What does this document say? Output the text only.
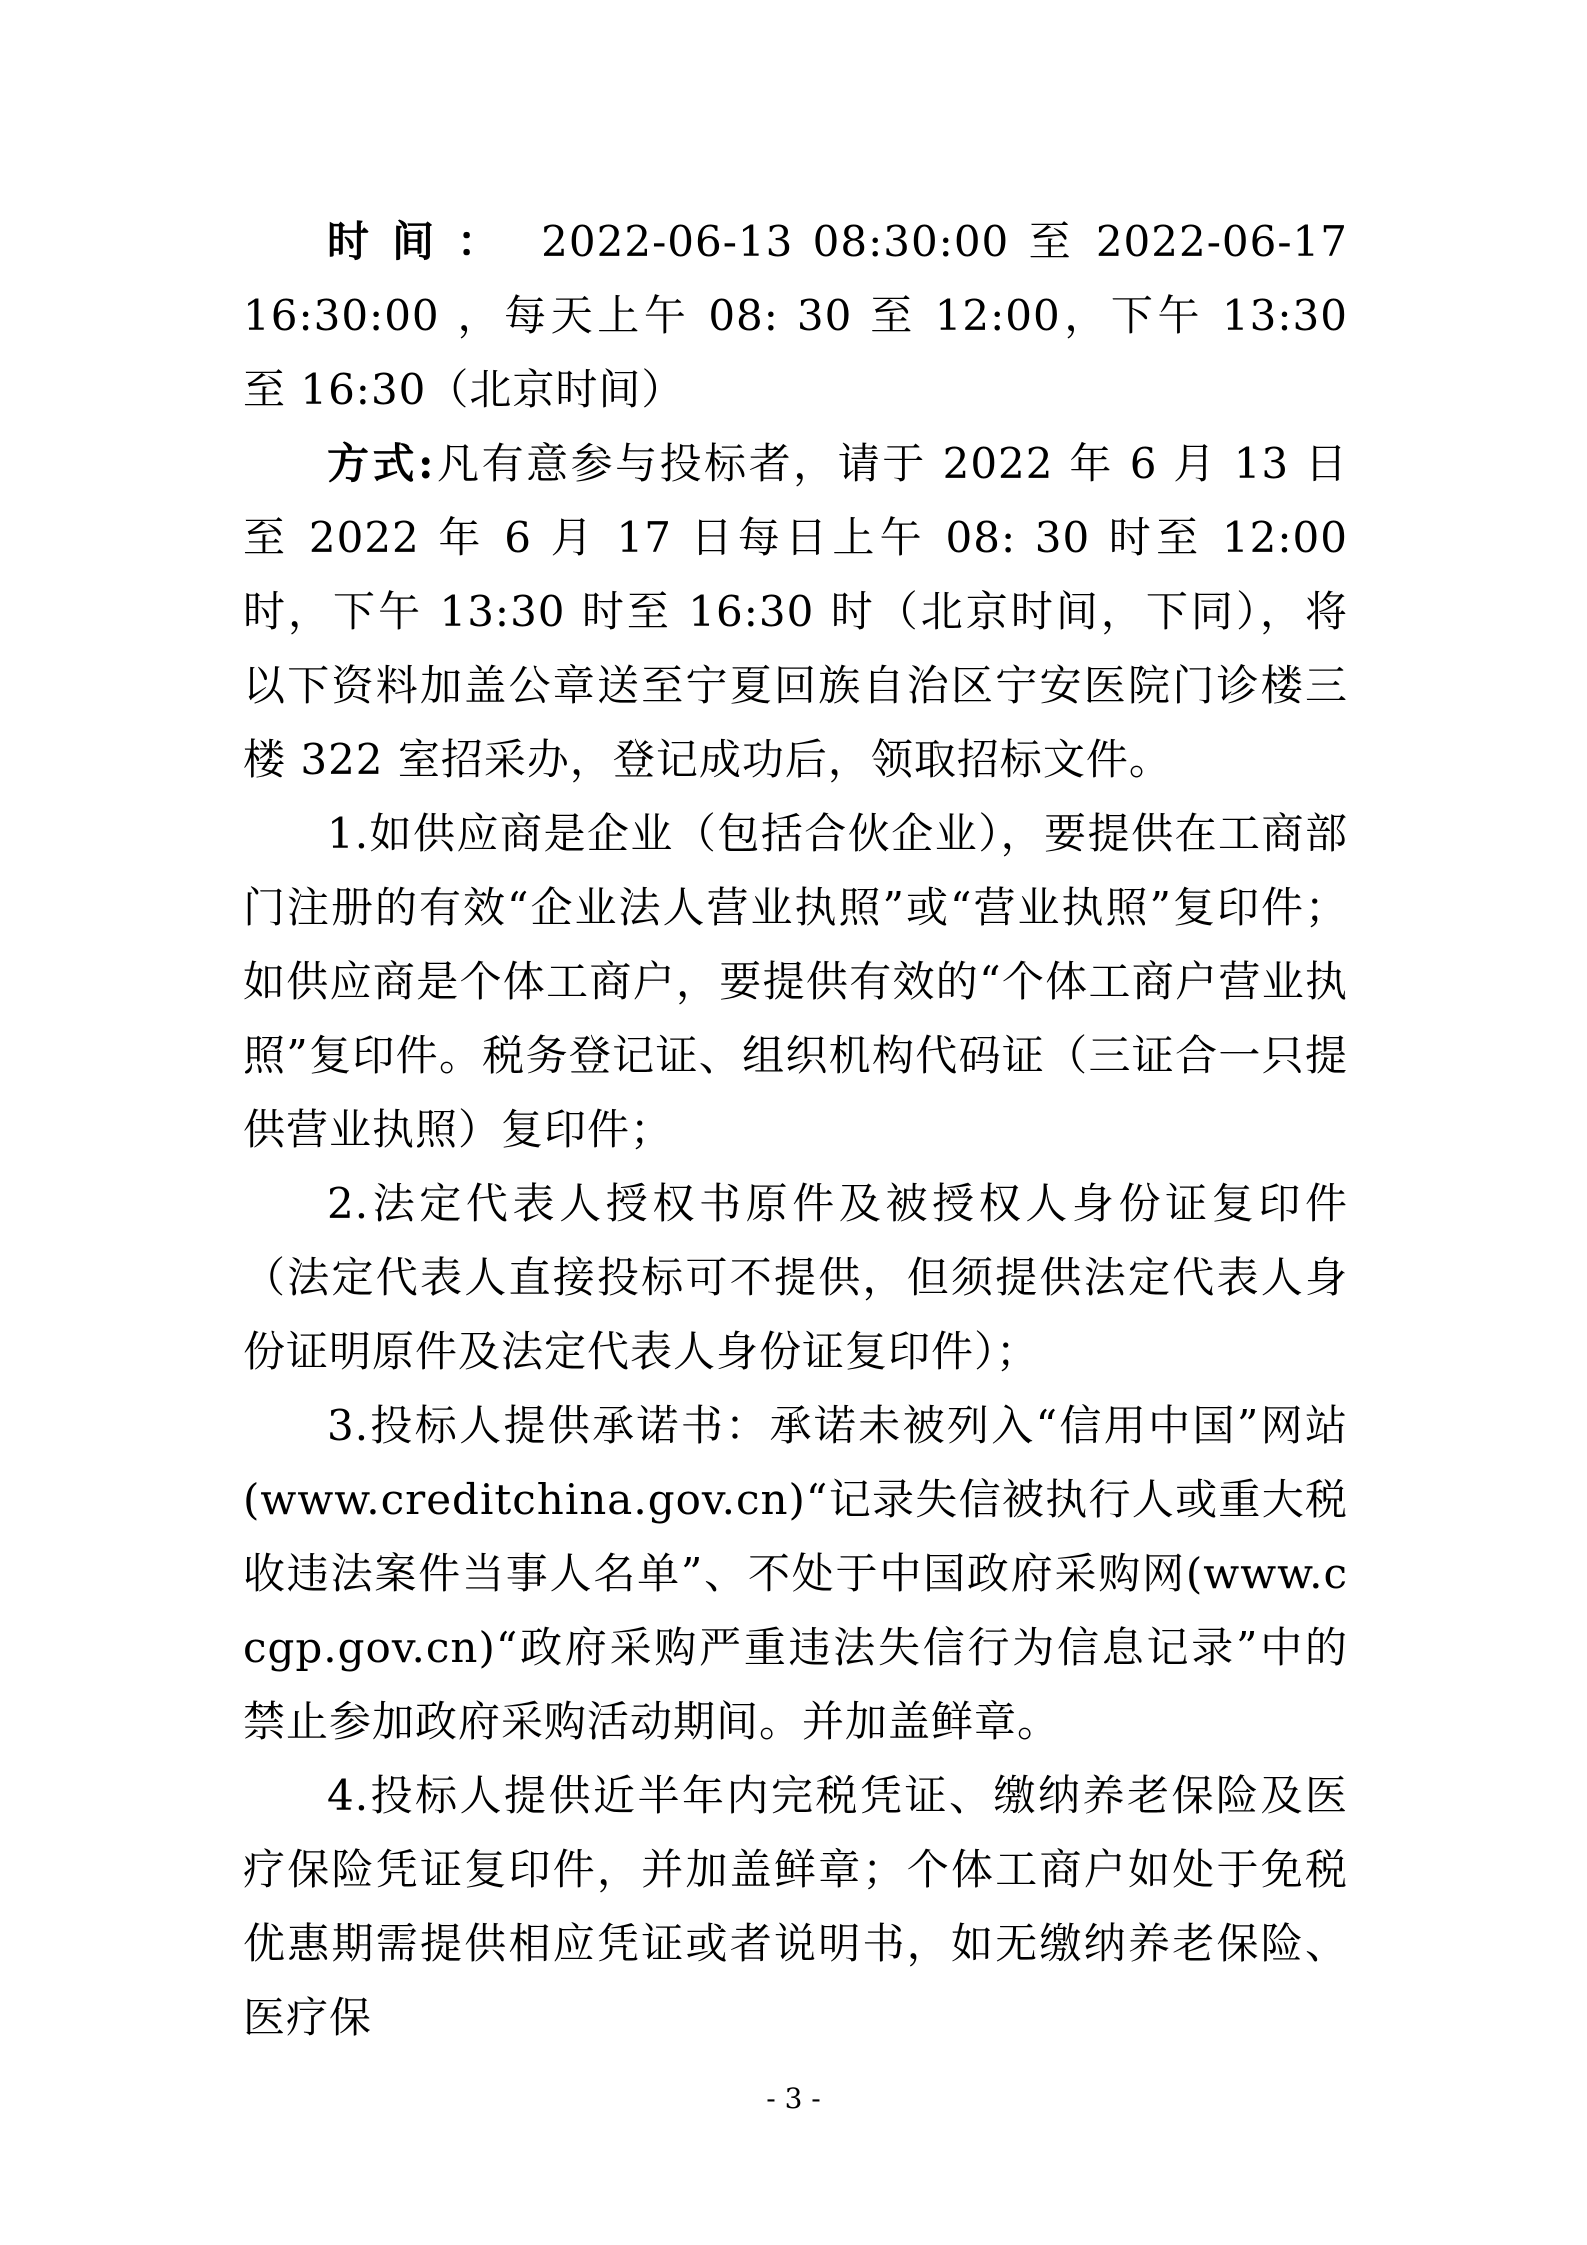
时间： 2022-06-13 08:30:00 至 2022-06-17 16:30:00 ，每天上午 08: 30 至 12:00，下午 13:30 至 16:30（北京时间）

方式:凡有意参与投标者，请于 2022 年 6 月 13 日至 2022 年 6 月 17 日每日上午 08: 30 时至 12:00 时，下午 13:30 时至 16:30 时（北京时间，下同），将以下资料加盖公章送至宁夏回族自治区宁安医院门诊楼三楼 322 室招采办，登记成功后，领取招标文件。

1.如供应商是企业（包括合伙企业），要提供在工商部门注册的有效“企业法人营业执照”或“营业执照”复印件；如供应商是个体工商户，要提供有效的“个体工商户营业执照”复印件。税务登记证、组织机构代码证（三证合一只提供营业执照）复印件；

2.法定代表人授权书原件及被授权人身份证复印件（法定代表人直接投标可不提供，但须提供法定代表人身份证明原件及法定代表人身份证复印件）；

3.投标人提供承诺书：承诺未被列入“信用中国”网站(www.creditchina.gov.cn)“记录失信被执行人或重大税收违法案件当事人名单”、不处于中国政府采购网(www.ccgp.gov.cn)“政府采购严重违法失信行为信息记录”中的禁止参加政府采购活动期间。并加盖鲜章。

4.投标人提供近半年内完税凭证、缴纳养老保险及医疗保险凭证复印件，并加盖鲜章；个体工商户如处于免税优惠期需提供相应凭证或者说明书，如无缴纳养老保险、医疗保

- 3 -
